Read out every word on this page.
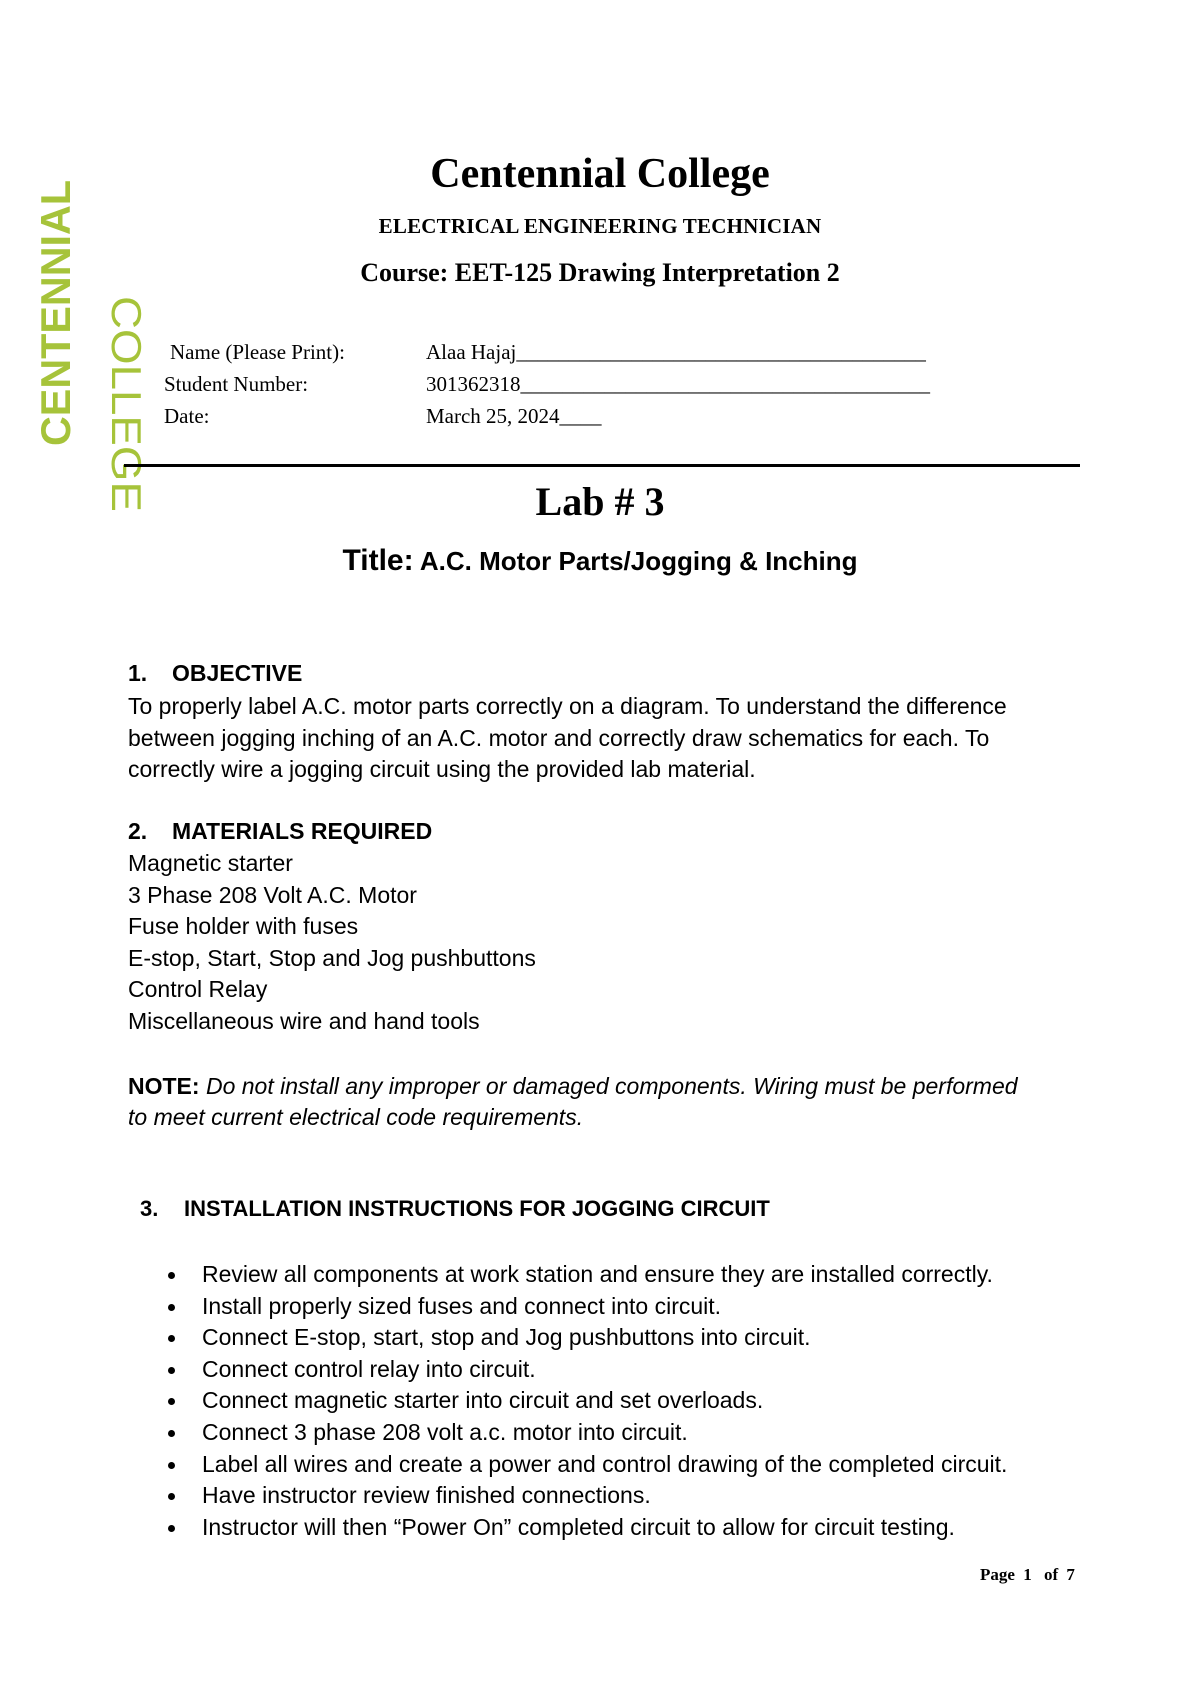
CENTENNIAL COLLEGE
Centennial College
ELECTRICAL ENGINEERING TECHNICIAN
Course: EET-125 Drawing Interpretation 2
Name (Please Print):	Alaa Hajaj_______________________________________
Student Number:	301362318_______________________________________
Date:	March 25, 2024____
Lab # 3
Title: A.C. Motor Parts/Jogging & Inching
1. OBJECTIVE
To properly label A.C. motor parts correctly on a diagram. To understand the difference between jogging inching of an A.C. motor and correctly draw schematics for each. To correctly wire a jogging circuit using the provided lab material.
2. MATERIALS REQUIRED
Magnetic starter
3 Phase 208 Volt A.C. Motor
Fuse holder with fuses
E-stop, Start, Stop and Jog pushbuttons
Control Relay
Miscellaneous wire and hand tools
NOTE: Do not install any improper or damaged components. Wiring must be performed to meet current electrical code requirements.
3. INSTALLATION INSTRUCTIONS FOR JOGGING CIRCUIT
Review all components at work station and ensure they are installed correctly.
Install properly sized fuses and connect into circuit.
Connect E-stop, start, stop and Jog pushbuttons into circuit.
Connect control relay into circuit.
Connect magnetic starter into circuit and set overloads.
Connect 3 phase 208 volt a.c. motor into circuit.
Label all wires and create a power and control drawing of the completed circuit.
Have instructor review finished connections.
Instructor will then “Power On” completed circuit to allow for circuit testing.
Page 1 of 7
